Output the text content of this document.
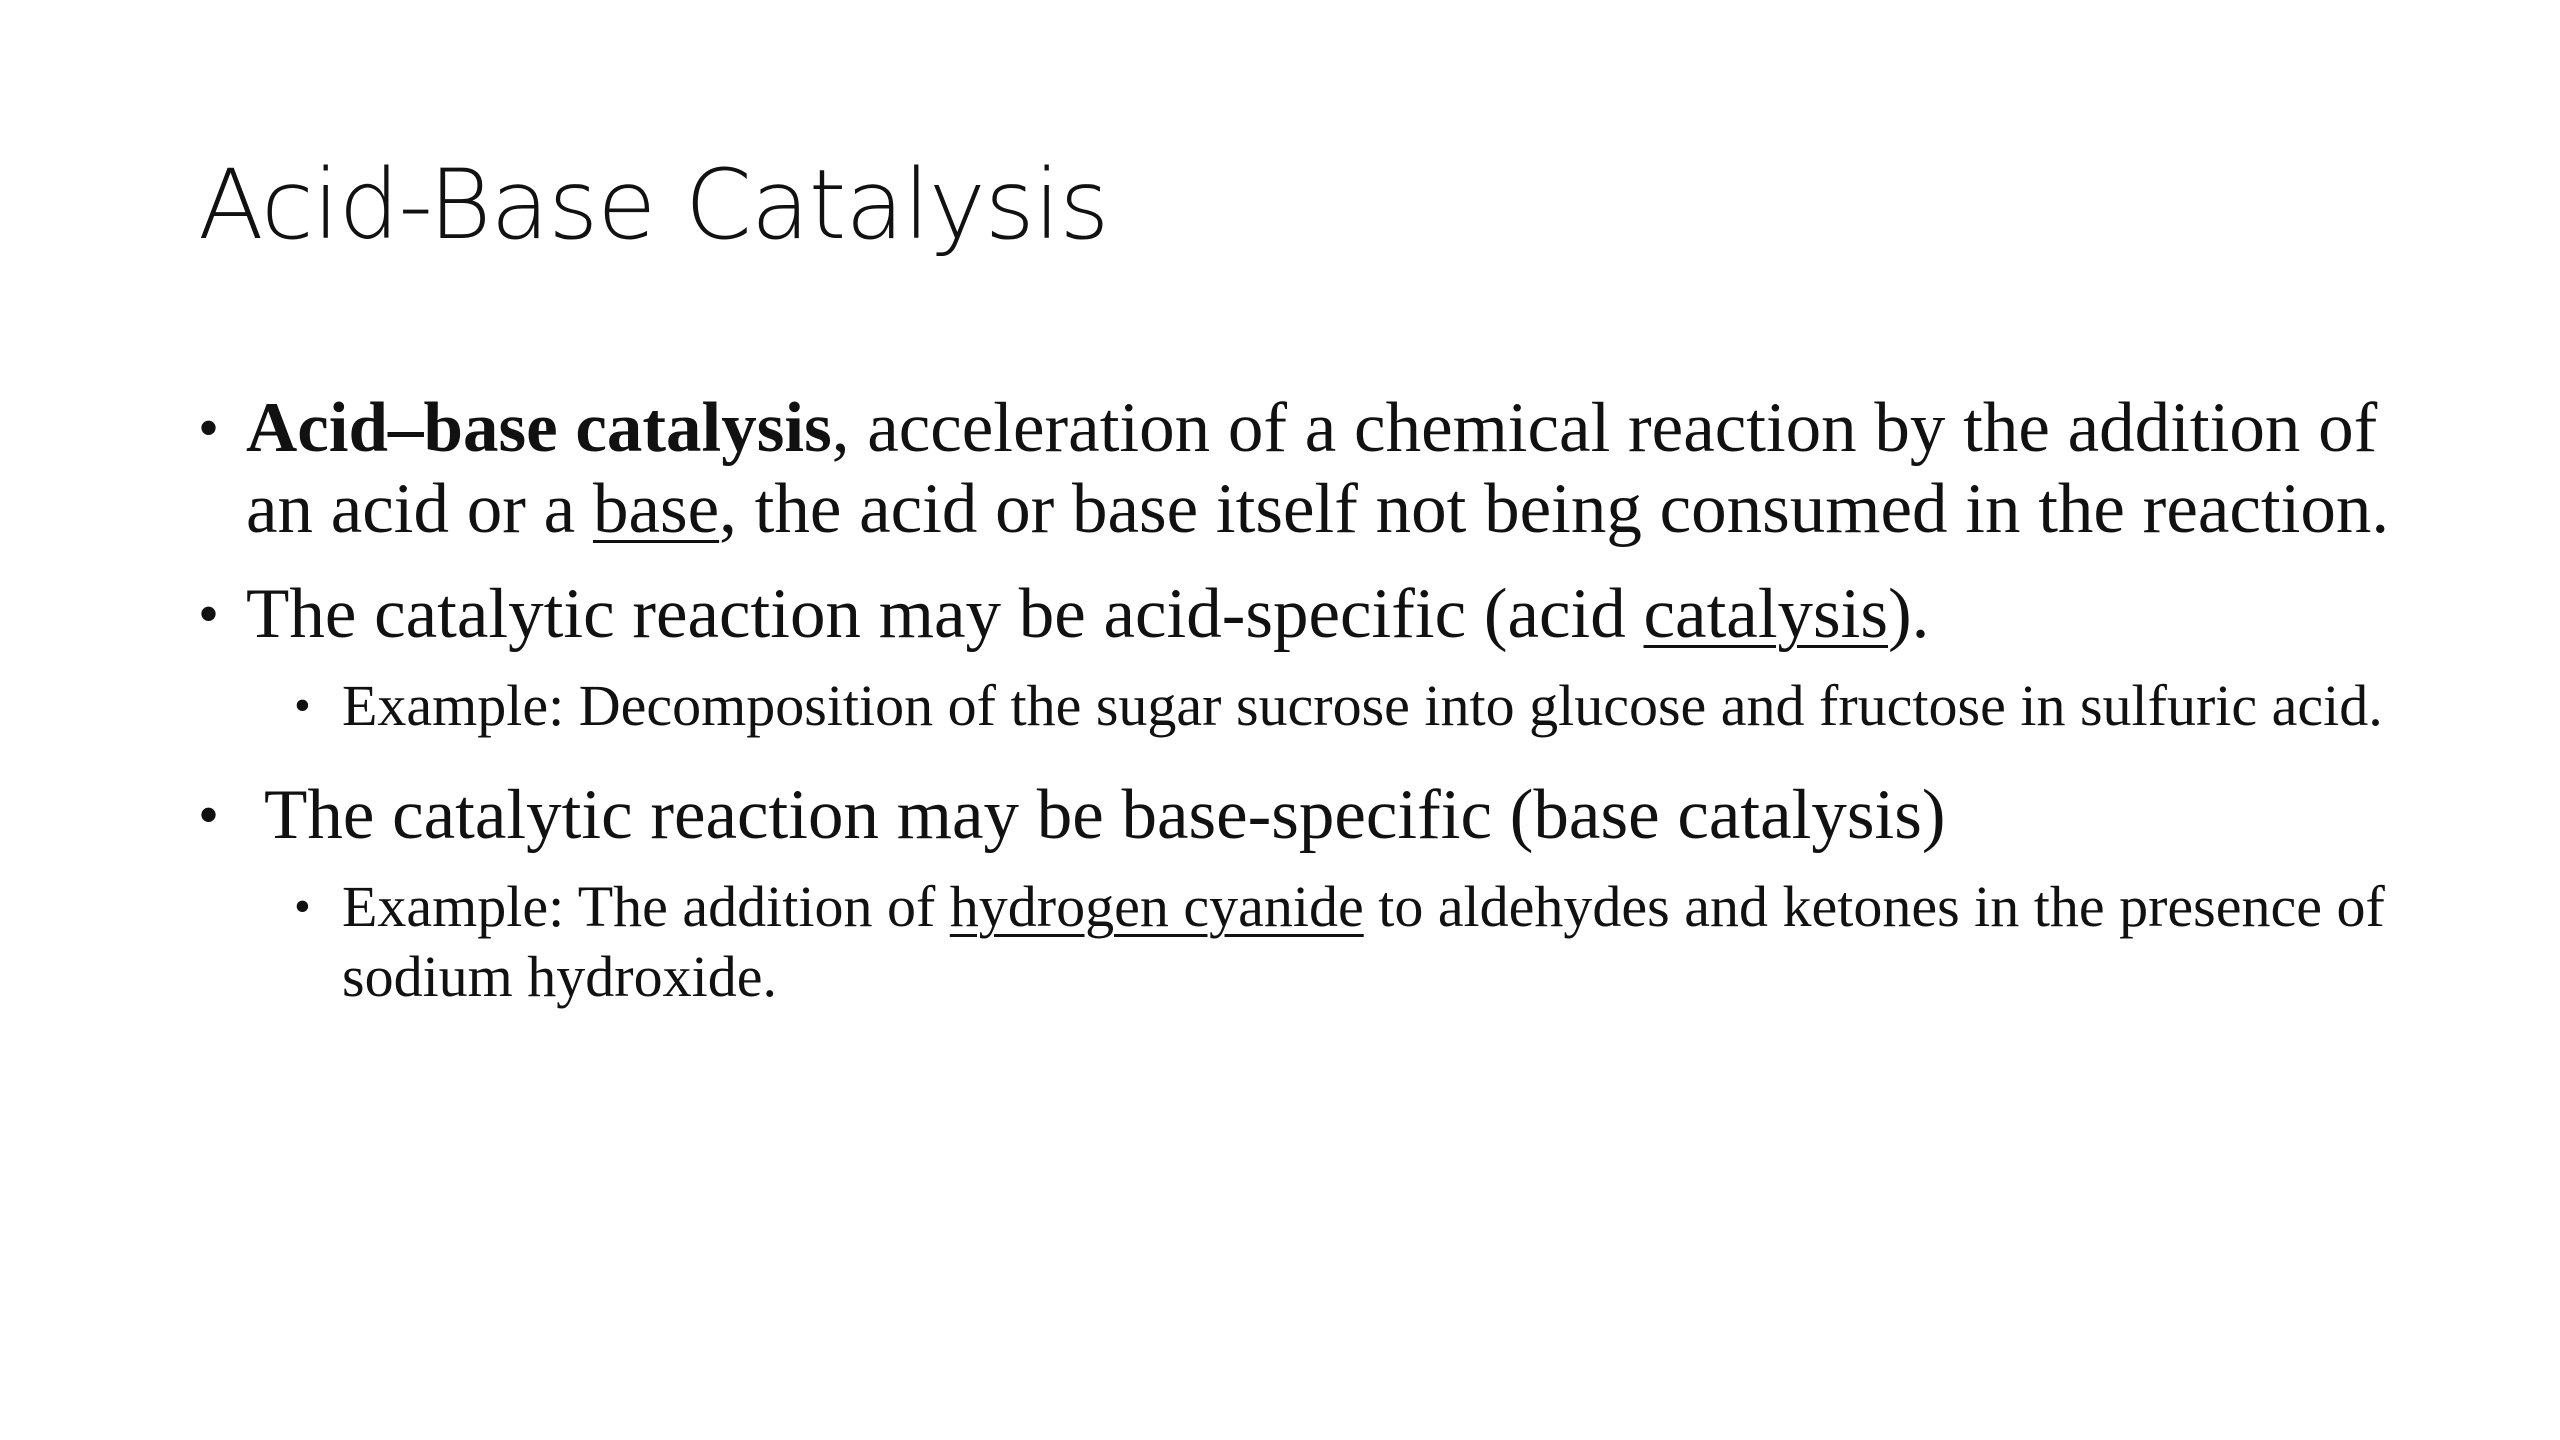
Acid-Base Catalysis
• Acid–base catalysis, acceleration of a chemical reaction by the addition of an acid or a base, the acid or base itself not being consumed in the reaction.
• The catalytic reaction may be acid-specific (acid catalysis).
• Example: Decomposition of the sugar sucrose into glucose and fructose in sulfuric acid.
• The catalytic reaction may be base-specific (base catalysis)
• Example: The addition of hydrogen cyanide to aldehydes and ketones in the presence of sodium hydroxide.
